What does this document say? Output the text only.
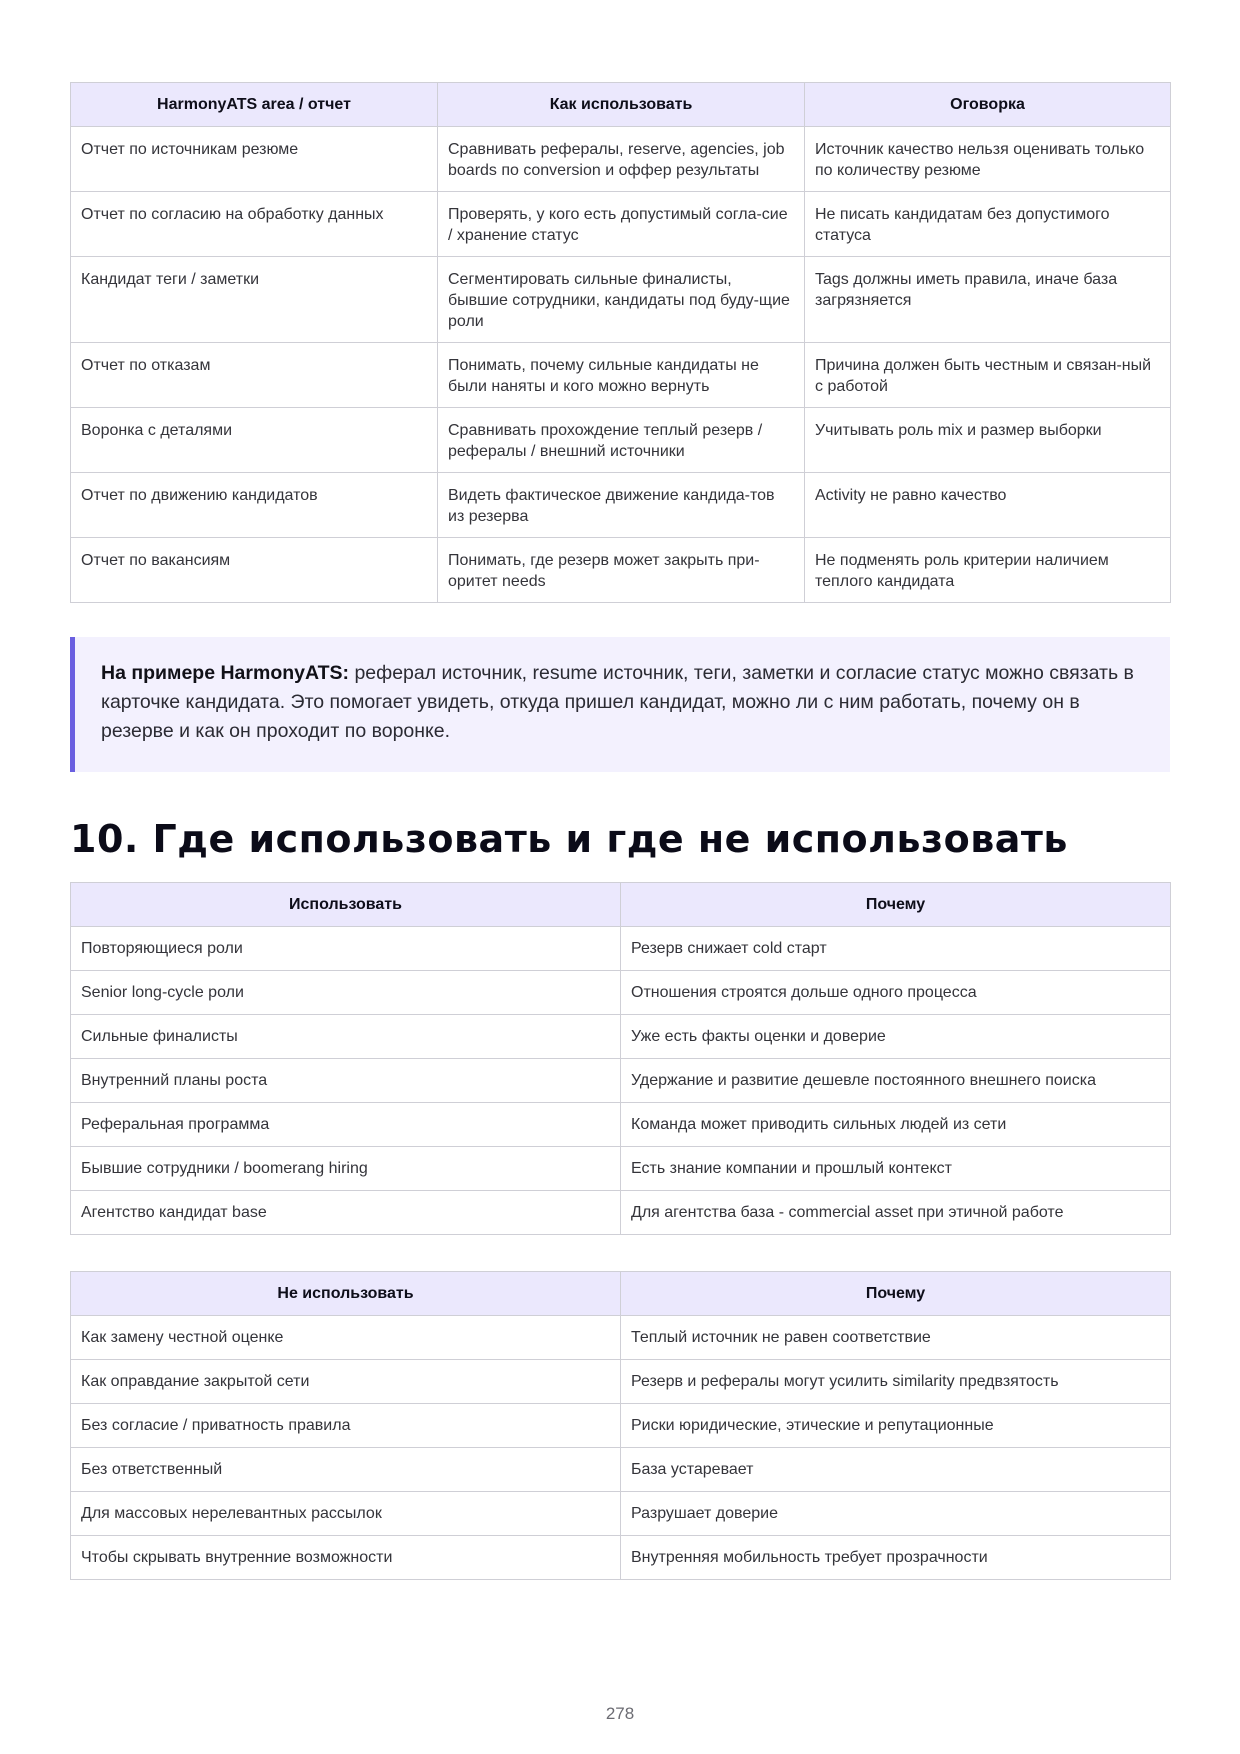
HarmonyATS area / отчет	Как использовать	Оговорка
Отчет по источникам резюме	Сравнивать рефералы, reserve, agencies, job boards по conversion и оффер результаты	Источник качество нельзя оценивать только по количеству резюме
Отчет по согласию на обработку данных	Проверять, у кого есть допустимый согла-сие / хранение статус	Не писать кандидатам без допустимого статуса
Кандидат теги / заметки	Сегментировать сильные финалисты, бывшие сотрудники, кандидаты под буду-щие роли	Tags должны иметь правила, иначе база загрязняется
Отчет по отказам	Понимать, почему сильные кандидаты не были наняты и кого можно вернуть	Причина должен быть честным и связан-ный с работой
Воронка с деталями	Сравнивать прохождение теплый резерв / рефералы / внешний источники	Учитывать роль mix и размер выборки
Отчет по движению кандидатов	Видеть фактическое движение кандида-тов из резерва	Activity не равно качество
Отчет по вакансиям	Понимать, где резерв может закрыть при-оритет needs	Не подменять роль критерии наличием теплого кандидата
На примере HarmonyATS: реферал источник, resume источник, теги, заметки и согласие статус можно связать в карточке кандидата. Это помогает увидеть, откуда пришел кандидат, можно ли с ним работать, почему он в резерве и как он проходит по воронке.
10. Где использовать и где не использовать
Использовать	Почему
Повторяющиеся роли	Резерв снижает cold старт
Senior long-cycle роли	Отношения строятся дольше одного процесса
Сильные финалисты	Уже есть факты оценки и доверие
Внутренний планы роста	Удержание и развитие дешевле постоянного внешнего поиска
Реферальная программа	Команда может приводить сильных людей из сети
Бывшие сотрудники / boomerang hiring	Есть знание компании и прошлый контекст
Агентство кандидат base	Для агентства база - commercial asset при этичной работе
Не использовать	Почему
Как замену честной оценке	Теплый источник не равен соответствие
Как оправдание закрытой сети	Резерв и рефералы могут усилить similarity предвзятость
Без согласие / приватность правила	Риски юридические, этические и репутационные
Без ответственный	База устаревает
Для массовых нерелевантных рассылок	Разрушает доверие
Чтобы скрывать внутренние возможности	Внутренняя мобильность требует прозрачности
278
